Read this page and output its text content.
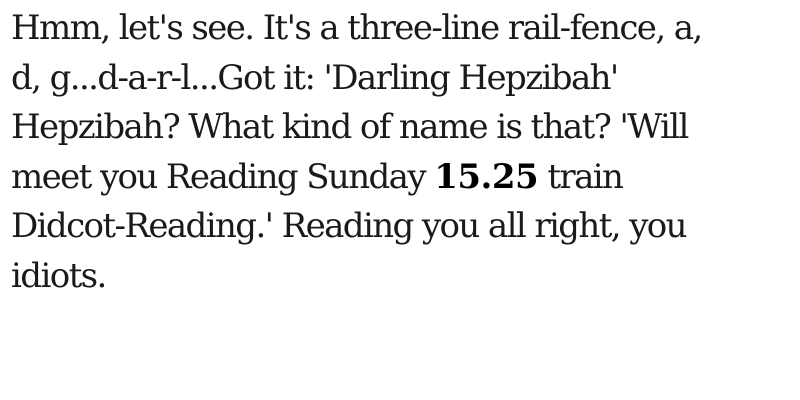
Hmm, let's see. It's a three-line rail-fence, a,
d, g...d-a-r-l...Got it: 'Darling Hepzibah'
Hepzibah? What kind of name is that? 'Will
meet you Reading Sunday 15.25 train
Didcot-Reading.' Reading you all right, you
idiots.
